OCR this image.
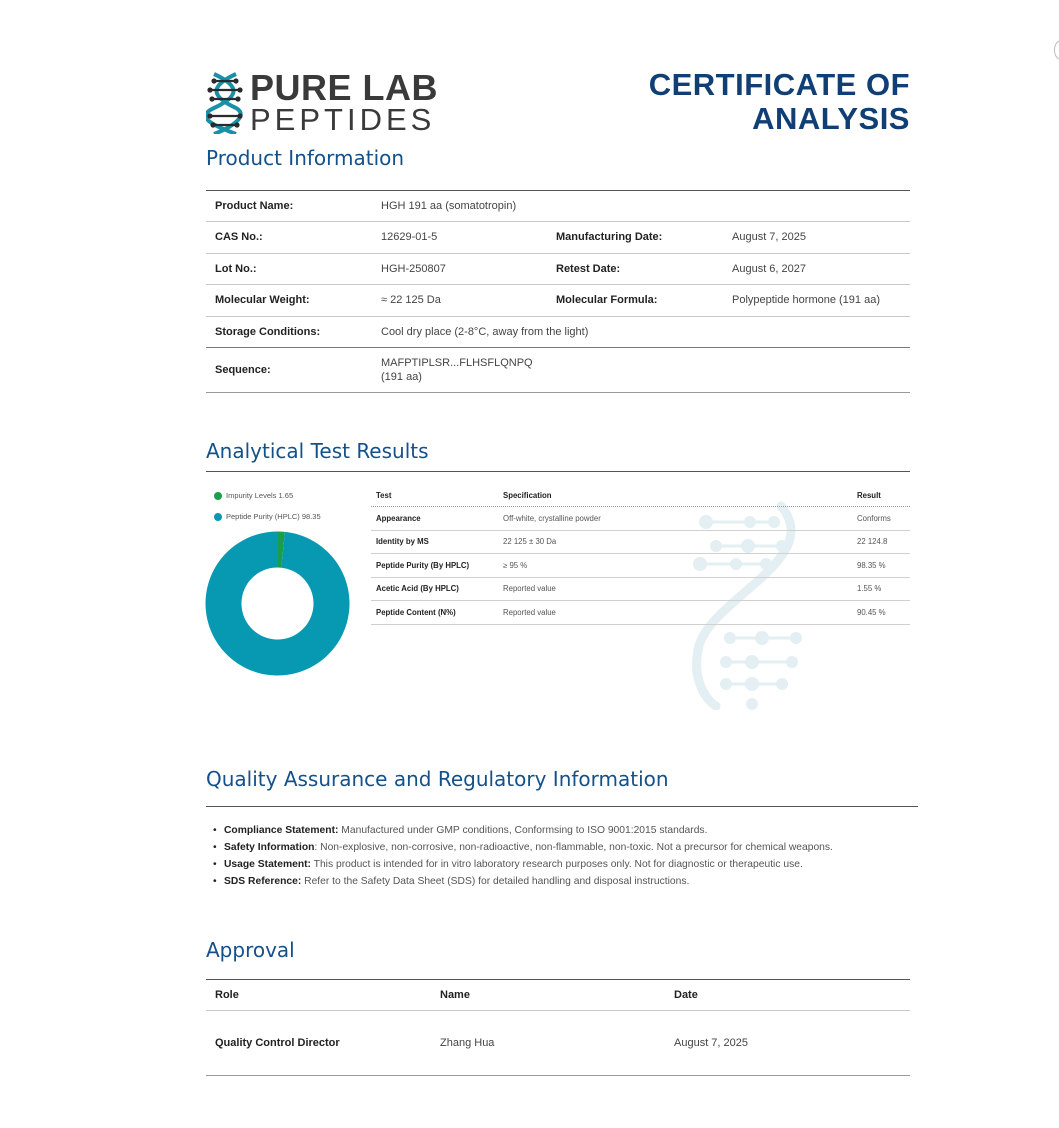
PURE LAB
PEPTIDES
CERTIFICATE OF
ANALYSIS
Product Information
Product Name:	HGH 191 aa (somatotropin)
CAS No.:	12629-01-5	Manufacturing Date:	August 7, 2025
Lot No.:	HGH-250807	Retest Date:	August 6, 2027
Molecular Weight:	≈ 22 125 Da	Molecular Formula:	Polypeptide hormone (191 aa)
Storage Conditions:	Cool dry place (2-8°C, away from the light)
Sequence:
MAFPTIPLSR...FLHSFLQNPQ
(191 aa)
Analytical Test Results
Impurity Levels 1.65
Peptide Purity (HPLC) 98.35
Test	Specification	Result
Appearance	Off-white, crystalline powder	Conforms
Identity by MS	22 125 ± 30 Da	22 124.8
Peptide Purity (By HPLC)	≥ 95 %	98.35 %
Acetic Acid (By HPLC)	Reported value	1.55 %
Peptide Content (N%)	Reported value	90.45 %
Quality Assurance and Regulatory Information
• Compliance Statement: Manufactured under GMP conditions, Conformsing to ISO 9001:2015 standards.
• Safety Information: Non-explosive, non-corrosive, non-radioactive, non-flammable, non-toxic. Not a precursor for chemical weapons.
• Usage Statement: This product is intended for in vitro laboratory research purposes only. Not for diagnostic or therapeutic use.
• SDS Reference: Refer to the Safety Data Sheet (SDS) for detailed handling and disposal instructions.
Approval
Role	Name	Date
Quality Control Director	Zhang Hua	August 7, 2025
